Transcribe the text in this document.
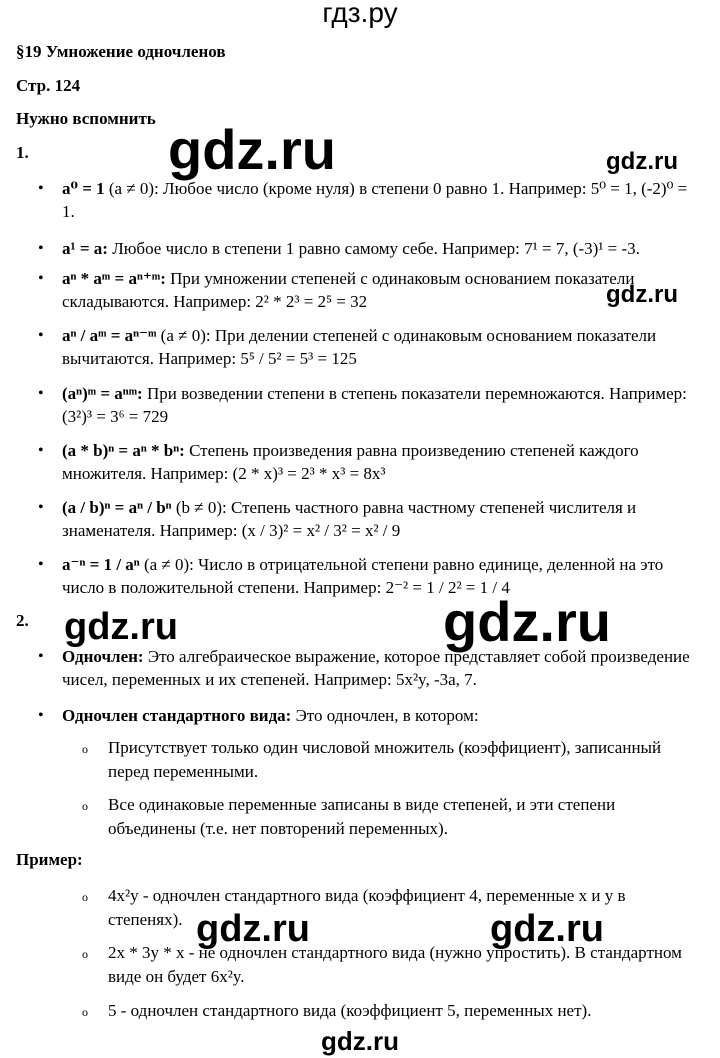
гдз.ру
§19 Умножение одночленов
Стр. 124
Нужно вспомнить
1.
• a⁰ = 1 (a ≠ 0): Любое число (кроме нуля) в степени 0 равно 1. Например: 5⁰ = 1, (-2)⁰ = 1.
• a¹ = a: Любое число в степени 1 равно самому себе. Например: 7¹ = 7, (-3)¹ = -3.
• aⁿ * aᵐ = aⁿ⁺ᵐ: При умножении степеней с одинаковым основанием показатели складываются. Например: 2² * 2³ = 2⁵ = 32
• aⁿ / aᵐ = aⁿ⁻ᵐ (a ≠ 0): При делении степеней с одинаковым основанием показатели вычитаются. Например: 5⁵ / 5² = 5³ = 125
• (aⁿ)ᵐ = aⁿᵐ: При возведении степени в степень показатели перемножаются. Например: (3²)³ = 3⁶ = 729
• (a * b)ⁿ = aⁿ * bⁿ: Степень произведения равна произведению степеней каждого множителя. Например: (2 * x)³ = 2³ * x³ = 8x³
• (a / b)ⁿ = aⁿ / bⁿ (b ≠ 0): Степень частного равна частному степеней числителя и знаменателя. Например: (x / 3)² = x² / 3² = x² / 9
• a⁻ⁿ = 1 / aⁿ (a ≠ 0): Число в отрицательной степени равно единице, деленной на это число в положительной степени. Например: 2⁻² = 1 / 2² = 1 / 4
2.
• Одночлен: Это алгебраическое выражение, которое представляет собой произведение чисел, переменных и их степеней. Например: 5x²y, -3a, 7.
• Одночлен стандартного вида: Это одночлен, в котором:
o Присутствует только один числовой множитель (коэффициент), записанный перед переменными.
o Все одинаковые переменные записаны в виде степеней, и эти степени объединены (т.е. нет повторений переменных).
Пример:
o 4x²y - одночлен стандартного вида (коэффициент 4, переменные x и y в степенях).
o 2x * 3y * x - не одночлен стандартного вида (нужно упростить). В стандартном виде он будет 6x²y.
o 5 - одночлен стандартного вида (коэффициент 5, переменных нет).
gdz.ru	gdz.ru
gdz.ru
gdz.ru	gdz.ru
gdz.ru	gdz.ru
gdz.ru
